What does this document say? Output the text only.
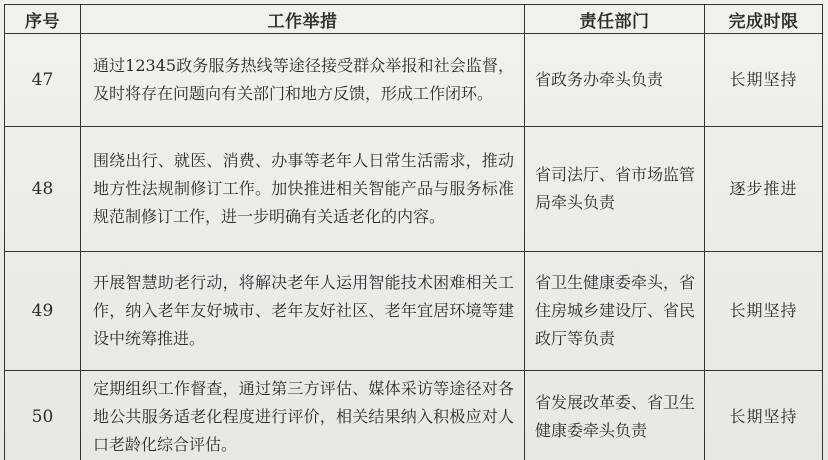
序号	工作举措	责任部门	完成时限
47	通过12345政务服务热线等途径接受群众举报和社会监督，及时将存在问题向有关部门和地方反馈，形成工作闭环。	省政务办牵头负责	长期坚持
48	围绕出行、就医、消费、办事等老年人日常生活需求，推动地方性法规制修订工作。加快推进相关智能产品与服务标准规范制修订工作，进一步明确有关适老化的内容。	省司法厅、省市场监管局牵头负责	逐步推进
49	开展智慧助老行动，将解决老年人运用智能技术困难相关工作，纳入老年友好城市、老年友好社区、老年宜居环境等建设中统筹推进。	省卫生健康委牵头，省住房城乡建设厅、省民政厅等负责	长期坚持
50	定期组织工作督查，通过第三方评估、媒体采访等途径对各地公共服务适老化程度进行评价，相关结果纳入积极应对人口老龄化综合评估。	省发展改革委、省卫生健康委牵头负责	长期坚持
